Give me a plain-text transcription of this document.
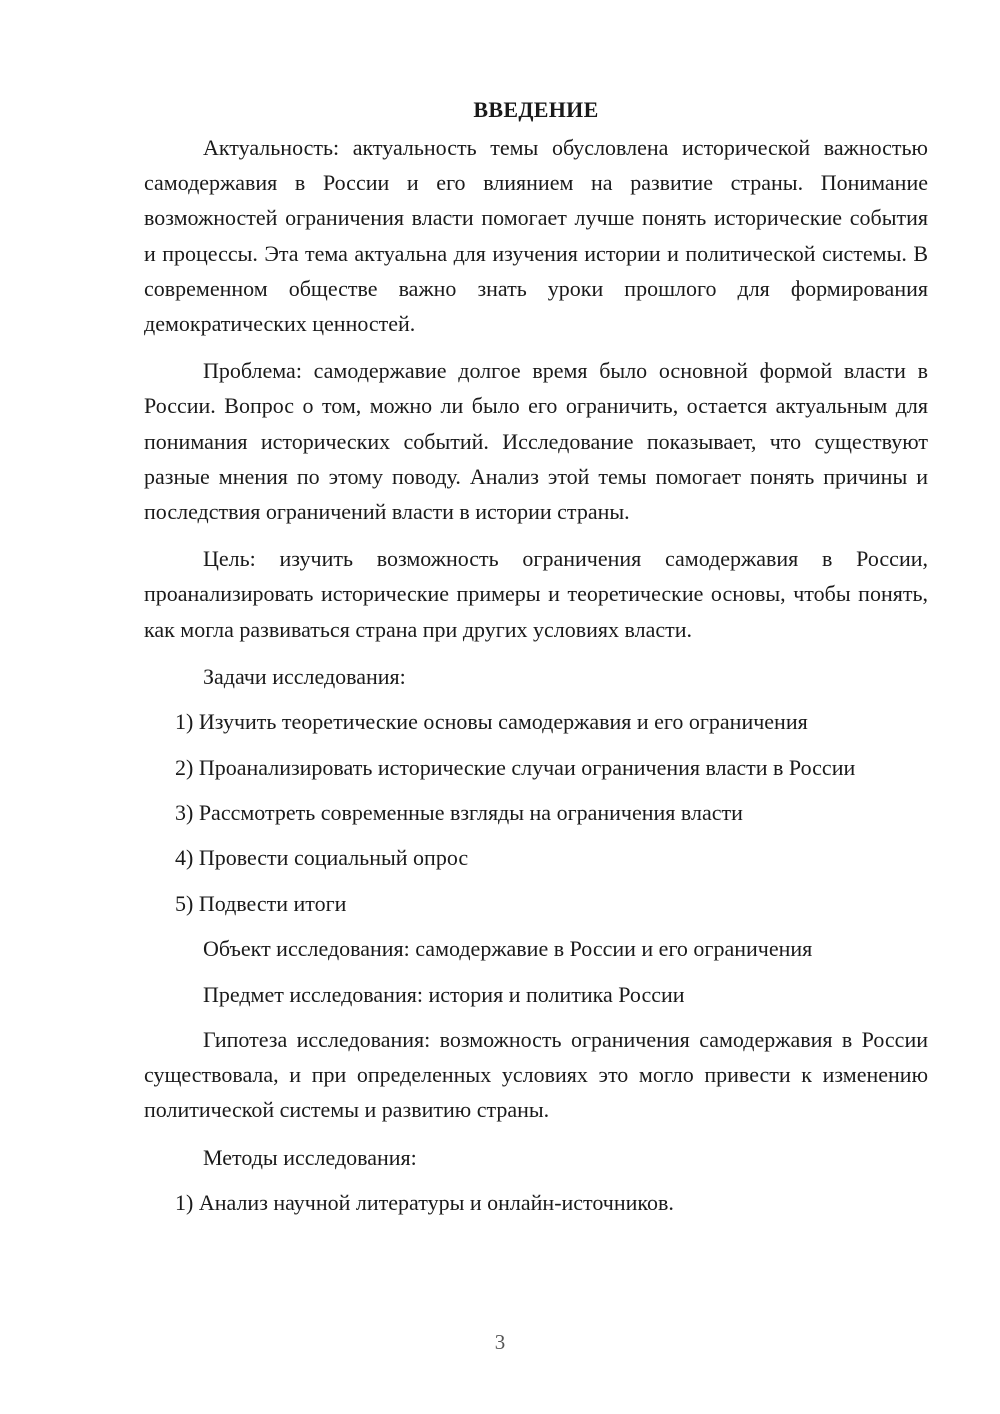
ВВЕДЕНИЕ

Актуальность: актуальность темы обусловлена исторической важностью самодержавия в России и его влиянием на развитие страны. Понимание возможностей ограничения власти помогает лучше понять исторические события и процессы. Эта тема актуальна для изучения истории и политической системы. В современном обществе важно знать уроки прошлого для формирования демократических ценностей.

Проблема: самодержавие долгое время было основной формой власти в России. Вопрос о том, можно ли было его ограничить, остается актуальным для понимания исторических событий. Исследование показывает, что существуют разные мнения по этому поводу. Анализ этой темы помогает понять причины и последствия ограничений власти в истории страны.

Цель: изучить возможность ограничения самодержавия в России, проанализировать исторические примеры и теоретические основы, чтобы понять, как могла развиваться страна при других условиях власти.

Задачи исследования:

1) Изучить теоретические основы самодержавия и его ограничения

2) Проанализировать исторические случаи ограничения власти в России

3) Рассмотреть современные взгляды на ограничения власти

4) Провести социальный опрос

5) Подвести итоги

Объект исследования: самодержавие в России и его ограничения

Предмет исследования: история и политика России

Гипотеза исследования: возможность ограничения самодержавия в России существовала, и при определенных условиях это могло привести к изменению политической системы и развитию страны.

Методы исследования:

1) Анализ научной литературы и онлайн-источников.

3
